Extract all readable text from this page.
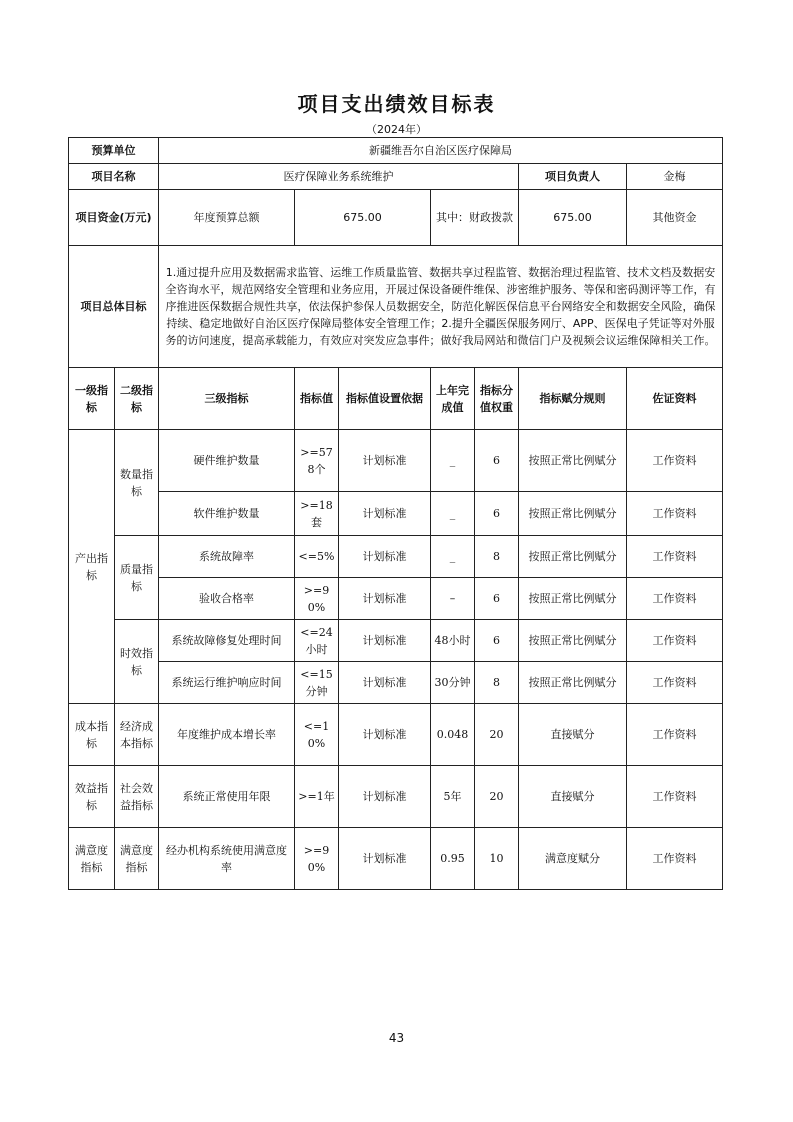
项目支出绩效目标表
（2024年）
预算单位		新疆维吾尔自治区医疗保障局							
项目名称		医疗保障业务系统维护					项目负责人	金梅	
项目资金(万元)		年度预算总额	675.00		其中：财政拨款		675.00	其他资金	
项目总体目标		1.通过提升应用及数据需求监管、运维工作质量监管、数据共享过程监管、数据治理过程监管、技术文档及数据安全咨询水平，规范网络安全管理和业务应用，开展过保设备硬件维保、涉密维护服务、等保和密码测评等工作，有序推进医保数据合规性共享，依法保护参保人员数据安全，防范化解医保信息平台网络安全和数据安全风险，确保持续、稳定地做好自治区医疗保障局整体安全管理工作；2.提升全疆医保服务网厅、APP、医保电子凭证等对外服务的访问速度，提高承载能力，有效应对突发应急事件；做好我局网站和微信门户及视频会议运维保障相关工作。							
一级指标	二级指标	三级指标	指标值	指标值设置依据	上年完成值	指标分值权重	指标赋分规则	佐证资料	
产出指标	数量指标	硬件维护数量	>=578个	计划标准	_	6	按照正常比例赋分	工作资料	
		软件维护数量	>=18套	计划标准	_	6	按照正常比例赋分	工作资料	
	质量指标	系统故障率	<=5%	计划标准	_	8	按照正常比例赋分	工作资料	
		验收合格率	>=90%	计划标准	–	6	按照正常比例赋分	工作资料	
	时效指标	系统故障修复处理时间	<=24小时	计划标准	48小时	6	按照正常比例赋分	工作资料	
		系统运行维护响应时间	<=15分钟	计划标准	30分钟	8	按照正常比例赋分	工作资料	
成本指标	经济成本指标	年度维护成本增长率	<=10%	计划标准	0.048	20	直接赋分	工作资料	
效益指标	社会效益指标	系统正常使用年限	>=1年	计划标准	5年	20	直接赋分	工作资料	
满意度指标	满意度指标	经办机构系统使用满意度率	>=90%	计划标准	0.95	10	满意度赋分	工作资料	
43
